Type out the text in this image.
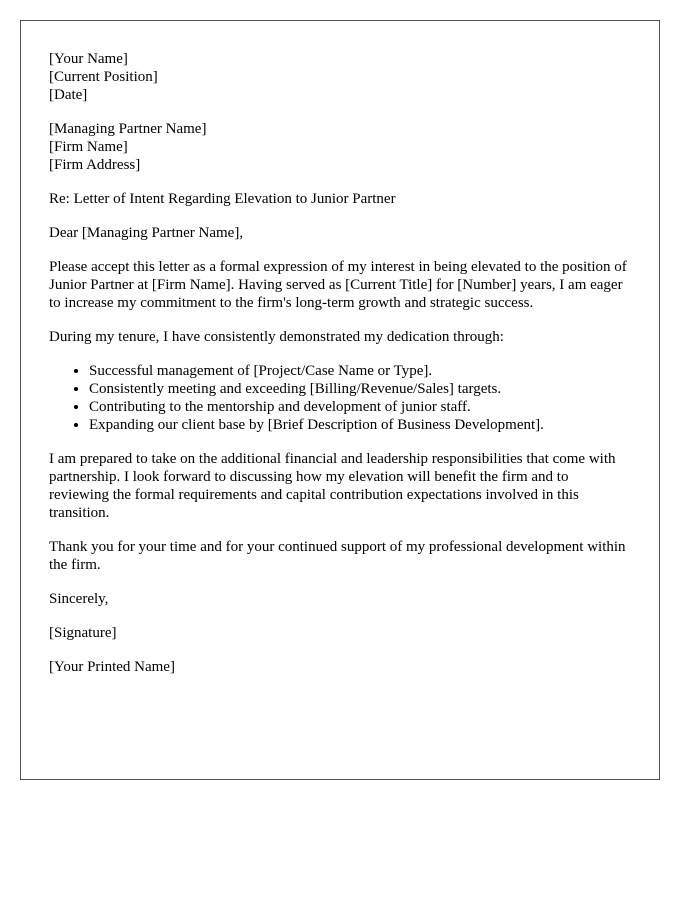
[Your Name]
[Current Position]
[Date]
[Managing Partner Name]
[Firm Name]
[Firm Address]

Re: Letter of Intent Regarding Elevation to Junior Partner

Dear [Managing Partner Name],

Please accept this letter as a formal expression of my interest in being elevated to the position of Junior Partner at [Firm Name]. Having served as [Current Title] for [Number] years, I am eager to increase my commitment to the firm's long-term growth and strategic success.

During my tenure, I have consistently demonstrated my dedication through:

• Successful management of [Project/Case Name or Type].
• Consistently meeting and exceeding [Billing/Revenue/Sales] targets.
• Contributing to the mentorship and development of junior staff.
• Expanding our client base by [Brief Description of Business Development].

I am prepared to take on the additional financial and leadership responsibilities that come with partnership. I look forward to discussing how my elevation will benefit the firm and to reviewing the formal requirements and capital contribution expectations involved in this transition.

Thank you for your time and for your continued support of my professional development within the firm.

Sincerely,

[Signature]

[Your Printed Name]
